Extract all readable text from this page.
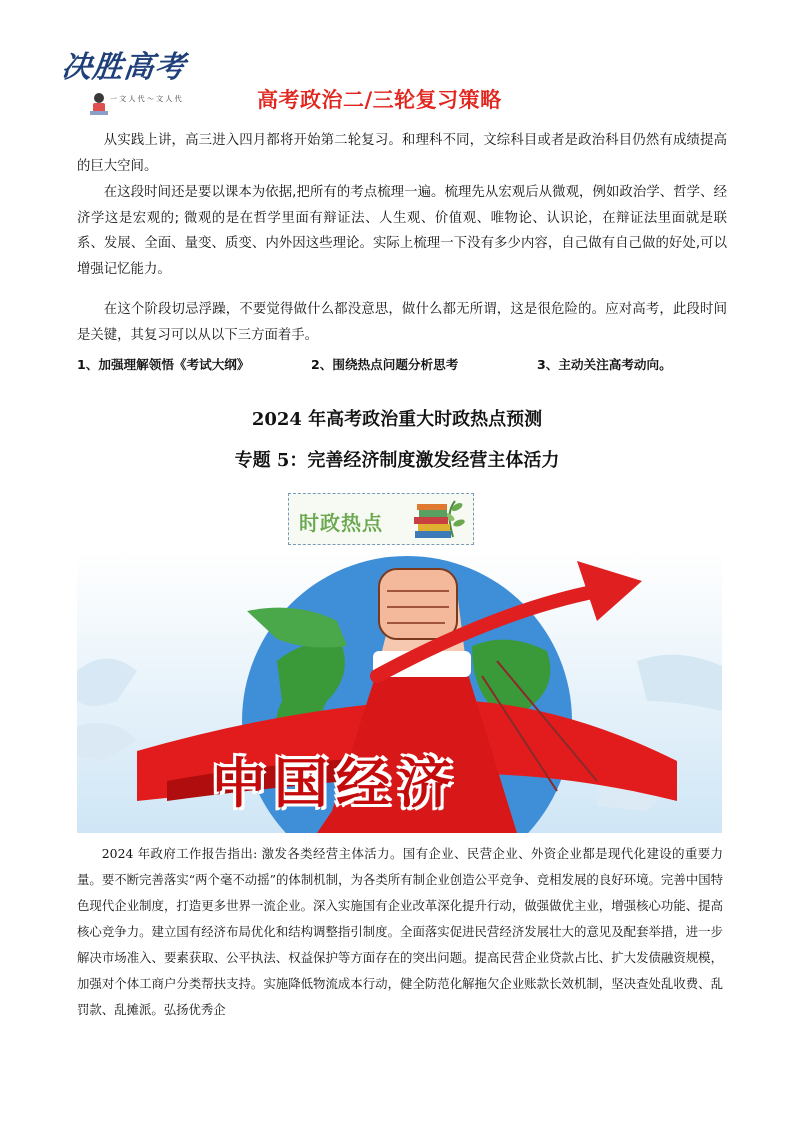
决胜高考
一 文 人 代 ～ 文 人 代	高考政治二/三轮复习策略

从实践上讲，高三进入四月都将开始第二轮复习。和理科不同，文综科目或者是政治科目仍然有成绩提高的巨大空间。

在这段时间还是要以课本为依据,把所有的考点梳理一遍。梳理先从宏观后从微观，例如政治学、哲学、经济学这是宏观的; 微观的是在哲学里面有辩证法、人生观、价值观、唯物论、认识论，在辩证法里面就是联系、发展、全面、量变、质变、内外因这些理论。实际上梳理一下没有多少内容，自己做有自己做的好处,可以增强记忆能力。

在这个阶段切忌浮躁，不要觉得做什么都没意思，做什么都无所谓，这是很危险的。应对高考，此段时间是关键，其复习可以从以下三方面着手。

1、加强理解领悟《考试大纲》	2、围绕热点问题分析思考	3、主动关注高考动向。
2024 年高考政治重大时政热点预测
专题 5：完善经济制度激发经营主体活力
时政热点
中国经济

2024 年政府工作报告指出: 激发各类经营主体活力。国有企业、民营企业、外资企业都是现代化建设的重要力量。要不断完善落实“两个毫不动摇”的体制机制，为各类所有制企业创造公平竞争、竞相发展的良好环境。完善中国特色现代企业制度，打造更多世界一流企业。深入实施国有企业改革深化提升行动，做强做优主业，增强核心功能、提高核心竞争力。建立国有经济布局优化和结构调整指引制度。全面落实促进民营经济发展壮大的意见及配套举措，进一步解决市场准入、要素获取、公平执法、权益保护等方面存在的突出问题。提高民营企业贷款占比、扩大发债融资规模，加强对个体工商户分类帮扶支持。实施降低物流成本行动，健全防范化解拖欠企业账款长效机制，坚决查处乱收费、乱罚款、乱摊派。弘扬优秀企
